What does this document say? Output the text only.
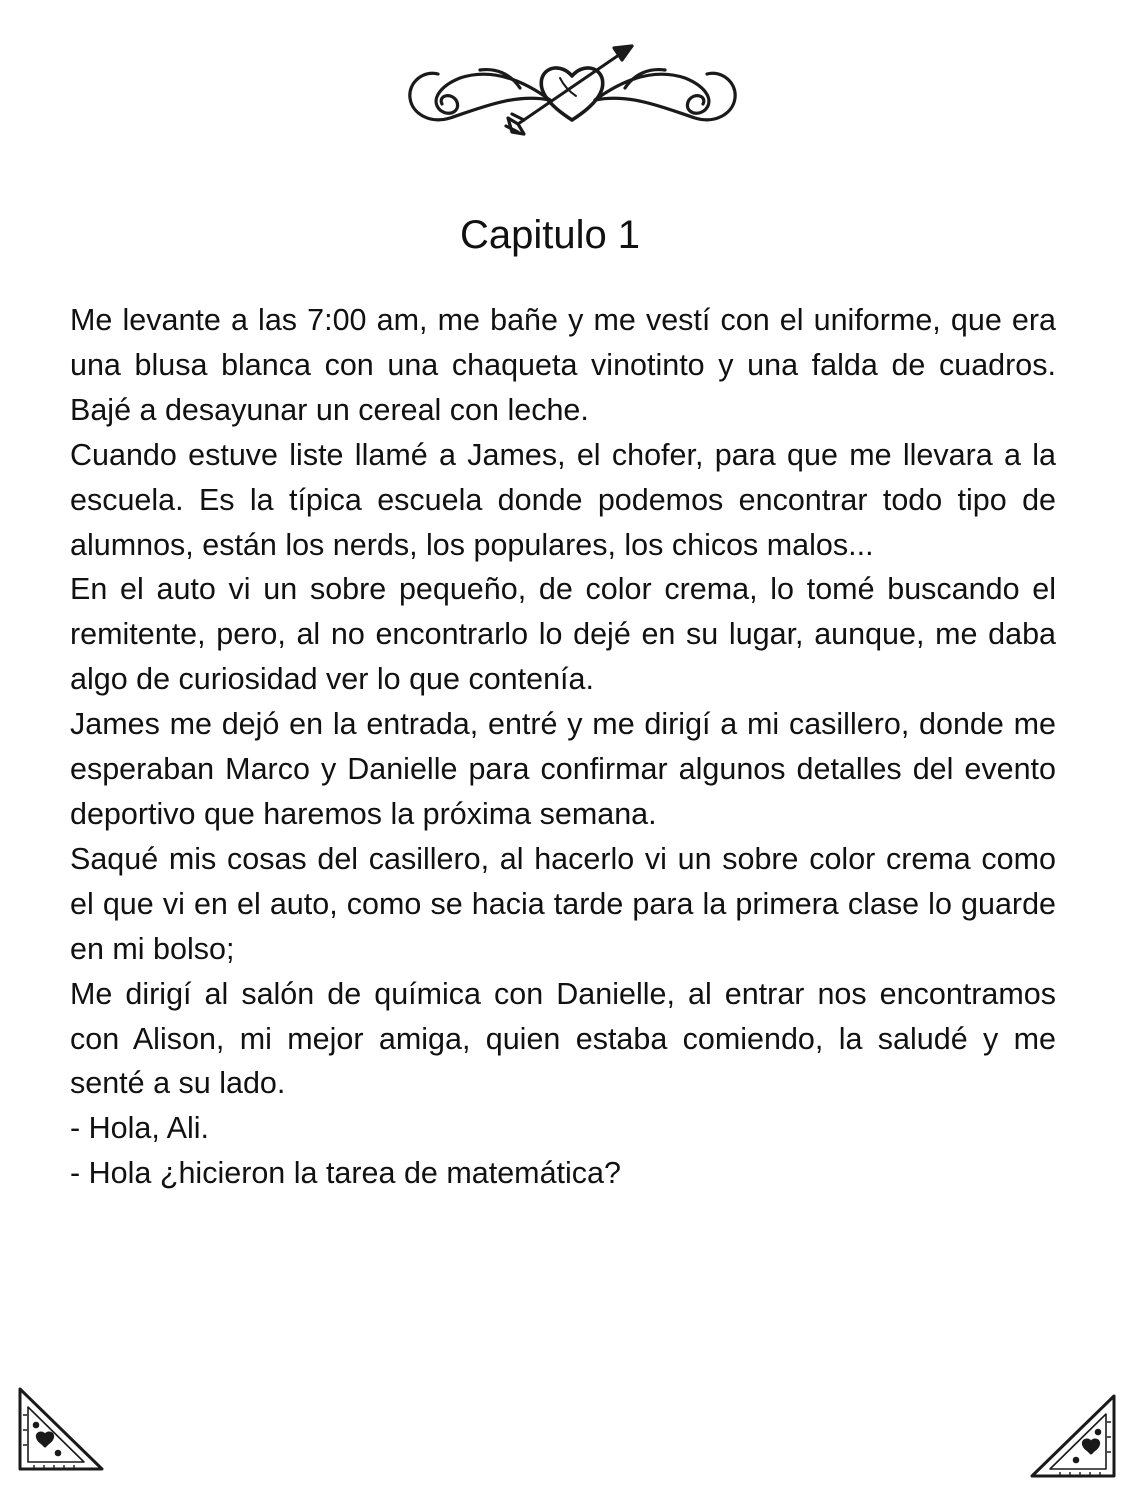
Capitulo 1

Me levante a las 7:00 am, me bañe y me vestí con el uniforme, que era una blusa blanca con una chaqueta vinotinto y una falda de cuadros. Bajé a desayunar un cereal con leche.

Cuando estuve liste llamé a James, el chofer, para que me llevara a la escuela. Es la típica escuela donde podemos encontrar todo tipo de alumnos, están los nerds, los populares, los chicos malos...

En el auto vi un sobre pequeño, de color crema, lo tomé buscando el remitente, pero, al no encontrarlo lo dejé en su lugar, aunque, me daba algo de curiosidad ver lo que contenía.

James me dejó en la entrada, entré y me dirigí a mi casillero, donde me esperaban Marco y Danielle para confirmar algunos detalles del evento deportivo que haremos la próxima semana.

Saqué mis cosas del casillero, al hacerlo vi un sobre color crema como el que vi en el auto, como se hacia tarde para la primera clase lo guarde en mi bolso;

Me dirigí al salón de química con Danielle, al entrar nos encontramos con Alison, mi mejor amiga, quien estaba comiendo, la saludé y me senté a su lado.

- Hola, Ali.

- Hola ¿hicieron la tarea de matemática?
